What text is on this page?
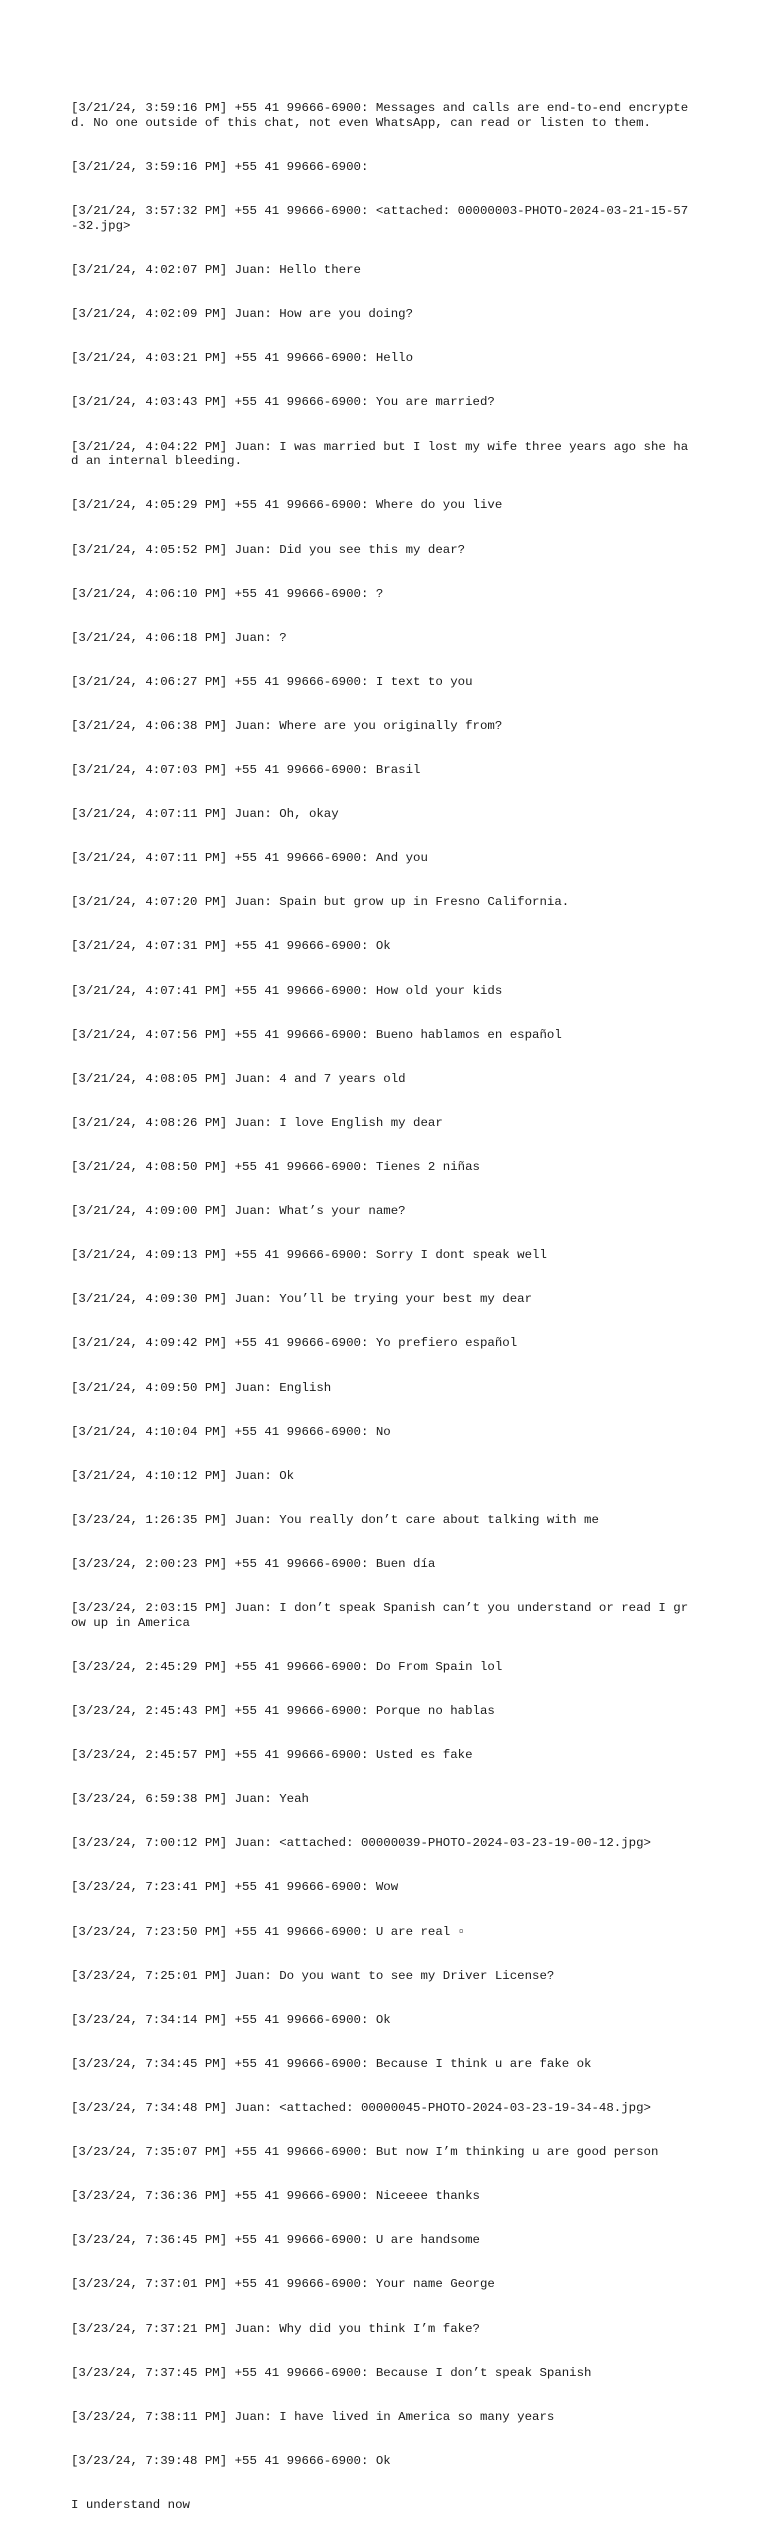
[3/21/24, 3:59:16 PM] +55 41 99666-6900: Messages and calls are end-to-end encrypted. No one outside of this chat, not even WhatsApp, can read or listen to them.

[3/21/24, 3:59:16 PM] +55 41 99666-6900:

[3/21/24, 3:57:32 PM] +55 41 99666-6900: <attached: 00000003-PHOTO-2024-03-21-15-57-32.jpg>

[3/21/24, 4:02:07 PM] Juan: Hello there

[3/21/24, 4:02:09 PM] Juan: How are you doing?

[3/21/24, 4:03:21 PM] +55 41 99666-6900: Hello

[3/21/24, 4:03:43 PM] +55 41 99666-6900: You are married?

[3/21/24, 4:04:22 PM] Juan: I was married but I lost my wife three years ago she had an internal bleeding.

[3/21/24, 4:05:29 PM] +55 41 99666-6900: Where do you live

[3/21/24, 4:05:52 PM] Juan: Did you see this my dear?

[3/21/24, 4:06:10 PM] +55 41 99666-6900: ?

[3/21/24, 4:06:18 PM] Juan: ?

[3/21/24, 4:06:27 PM] +55 41 99666-6900: I text to you

[3/21/24, 4:06:38 PM] Juan: Where are you originally from?

[3/21/24, 4:07:03 PM] +55 41 99666-6900: Brasil

[3/21/24, 4:07:11 PM] Juan: Oh, okay

[3/21/24, 4:07:11 PM] +55 41 99666-6900: And you

[3/21/24, 4:07:20 PM] Juan: Spain but grow up in Fresno California.

[3/21/24, 4:07:31 PM] +55 41 99666-6900: Ok

[3/21/24, 4:07:41 PM] +55 41 99666-6900: How old your kids

[3/21/24, 4:07:56 PM] +55 41 99666-6900: Bueno hablamos en español

[3/21/24, 4:08:05 PM] Juan: 4 and 7 years old

[3/21/24, 4:08:26 PM] Juan: I love English my dear

[3/21/24, 4:08:50 PM] +55 41 99666-6900: Tienes 2 niñas

[3/21/24, 4:09:00 PM] Juan: What’s your name?

[3/21/24, 4:09:13 PM] +55 41 99666-6900: Sorry I dont speak well

[3/21/24, 4:09:30 PM] Juan: You’ll be trying your best my dear

[3/21/24, 4:09:42 PM] +55 41 99666-6900: Yo prefiero español

[3/21/24, 4:09:50 PM] Juan: English

[3/21/24, 4:10:04 PM] +55 41 99666-6900: No

[3/21/24, 4:10:12 PM] Juan: Ok

[3/23/24, 1:26:35 PM] Juan: You really don’t care about talking with me

[3/23/24, 2:00:23 PM] +55 41 99666-6900: Buen día

[3/23/24, 2:03:15 PM] Juan: I don’t speak Spanish can’t you understand or read I grow up in America

[3/23/24, 2:45:29 PM] +55 41 99666-6900: Do From Spain lol

[3/23/24, 2:45:43 PM] +55 41 99666-6900: Porque no hablas

[3/23/24, 2:45:57 PM] +55 41 99666-6900: Usted es fake

[3/23/24, 6:59:38 PM] Juan: Yeah

[3/23/24, 7:00:12 PM] Juan: <attached: 00000039-PHOTO-2024-03-23-19-00-12.jpg>

[3/23/24, 7:23:41 PM] +55 41 99666-6900: Wow

[3/23/24, 7:23:50 PM] +55 41 99666-6900: U are real ▫

[3/23/24, 7:25:01 PM] Juan: Do you want to see my Driver License?

[3/23/24, 7:34:14 PM] +55 41 99666-6900: Ok

[3/23/24, 7:34:45 PM] +55 41 99666-6900: Because I think u are fake ok

[3/23/24, 7:34:48 PM] Juan: <attached: 00000045-PHOTO-2024-03-23-19-34-48.jpg>

[3/23/24, 7:35:07 PM] +55 41 99666-6900: But now I’m thinking u are good person

[3/23/24, 7:36:36 PM] +55 41 99666-6900: Niceeee thanks

[3/23/24, 7:36:45 PM] +55 41 99666-6900: U are handsome

[3/23/24, 7:37:01 PM] +55 41 99666-6900: Your name George

[3/23/24, 7:37:21 PM] Juan: Why did you think I’m fake?

[3/23/24, 7:37:45 PM] +55 41 99666-6900: Because I don’t speak Spanish

[3/23/24, 7:38:11 PM] Juan: I have lived in America so many years

[3/23/24, 7:39:48 PM] +55 41 99666-6900: Ok

I understand now
